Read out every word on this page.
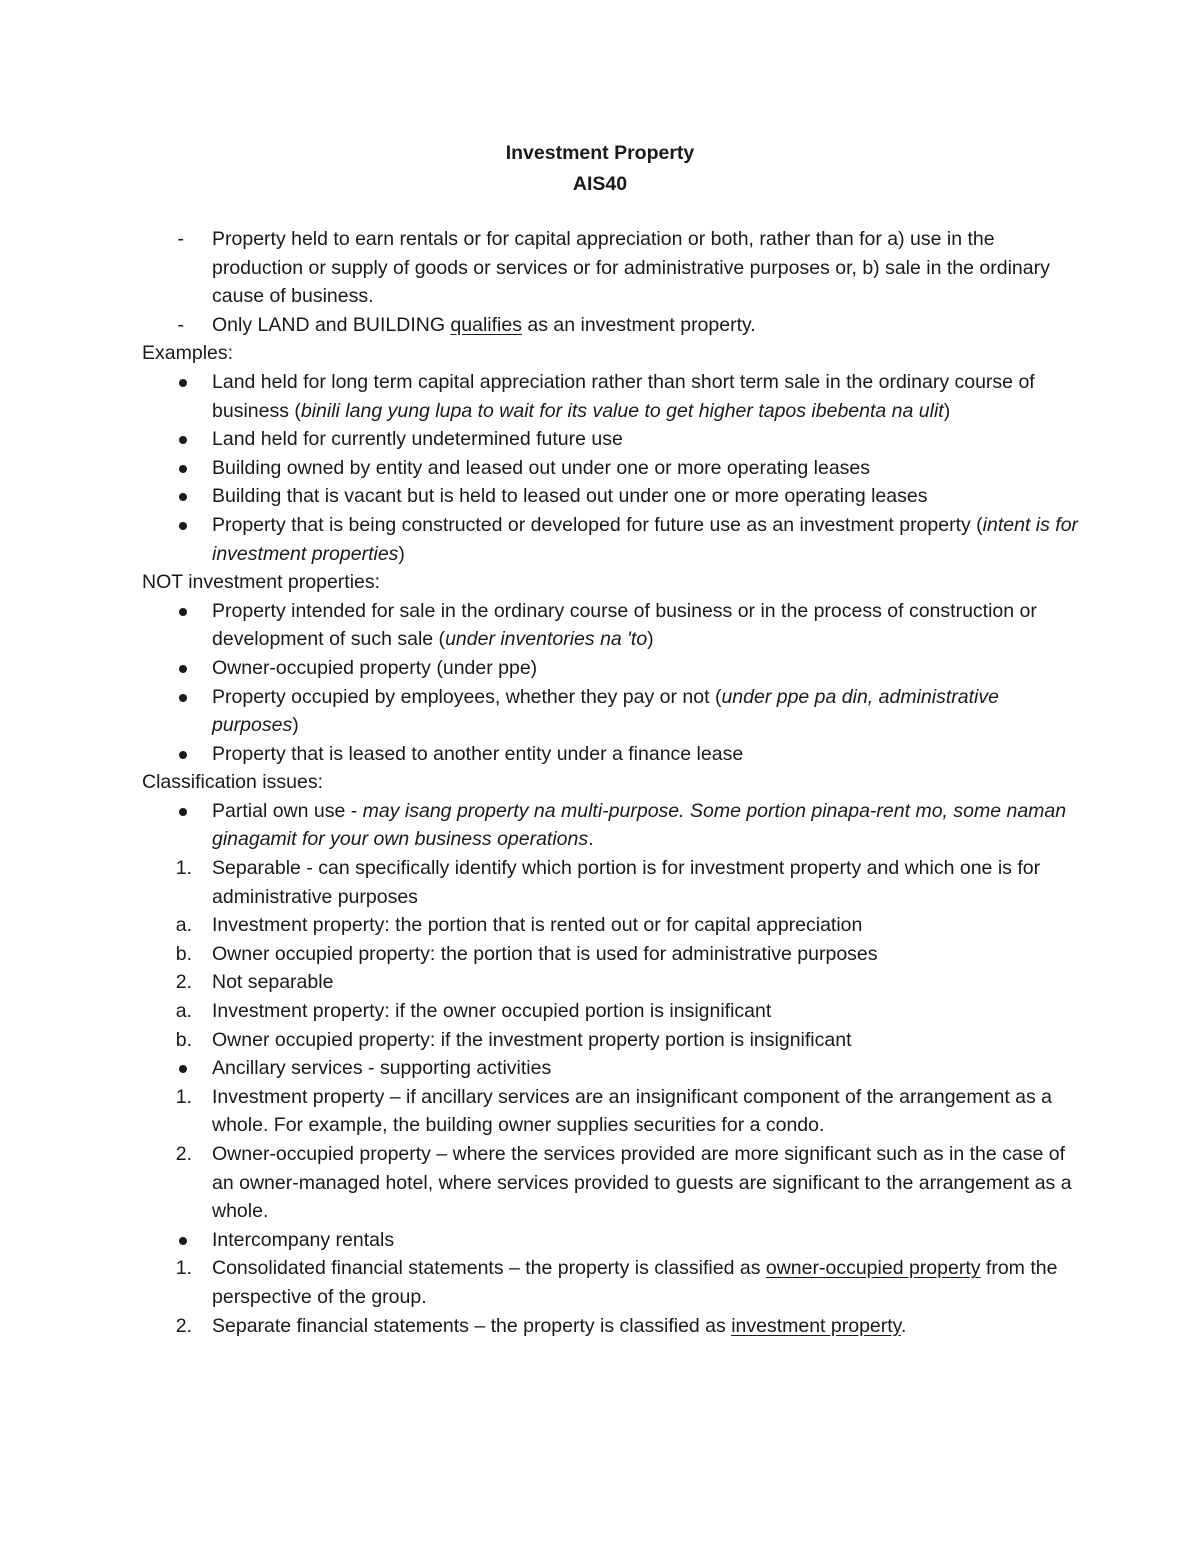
Investment Property
AIS40
- Property held to earn rentals or for capital appreciation or both, rather than for a) use in the production or supply of goods or services or for administrative purposes or, b) sale in the ordinary cause of business.
- Only LAND and BUILDING qualifies as an investment property.
Examples:
Land held for long term capital appreciation rather than short term sale in the ordinary course of business (binili lang yung lupa to wait for its value to get higher tapos ibebenta na ulit)
Land held for currently undetermined future use
Building owned by entity and leased out under one or more operating leases
Building that is vacant but is held to leased out under one or more operating leases
Property that is being constructed or developed for future use as an investment property (intent is for investment properties)
NOT investment properties:
Property intended for sale in the ordinary course of business or in the process of construction or development of such sale (under inventories na 'to)
Owner-occupied property (under ppe)
Property occupied by employees, whether they pay or not (under ppe pa din, administrative purposes)
Property that is leased to another entity under a finance lease
Classification issues:
Partial own use - may isang property na multi-purpose. Some portion pinapa-rent mo, some naman ginagamit for your own business operations.
1. Separable - can specifically identify which portion is for investment property and which one is for administrative purposes
a. Investment property: the portion that is rented out or for capital appreciation
b. Owner occupied property: the portion that is used for administrative purposes
2. Not separable
a. Investment property: if the owner occupied portion is insignificant
b. Owner occupied property: if the investment property portion is insignificant
Ancillary services - supporting activities
1. Investment property – if ancillary services are an insignificant component of the arrangement as a whole. For example, the building owner supplies securities for a condo.
2. Owner-occupied property – where the services provided are more significant such as in the case of an owner-managed hotel, where services provided to guests are significant to the arrangement as a whole.
Intercompany rentals
1. Consolidated financial statements – the property is classified as owner-occupied property from the perspective of the group.
2. Separate financial statements – the property is classified as investment property.
